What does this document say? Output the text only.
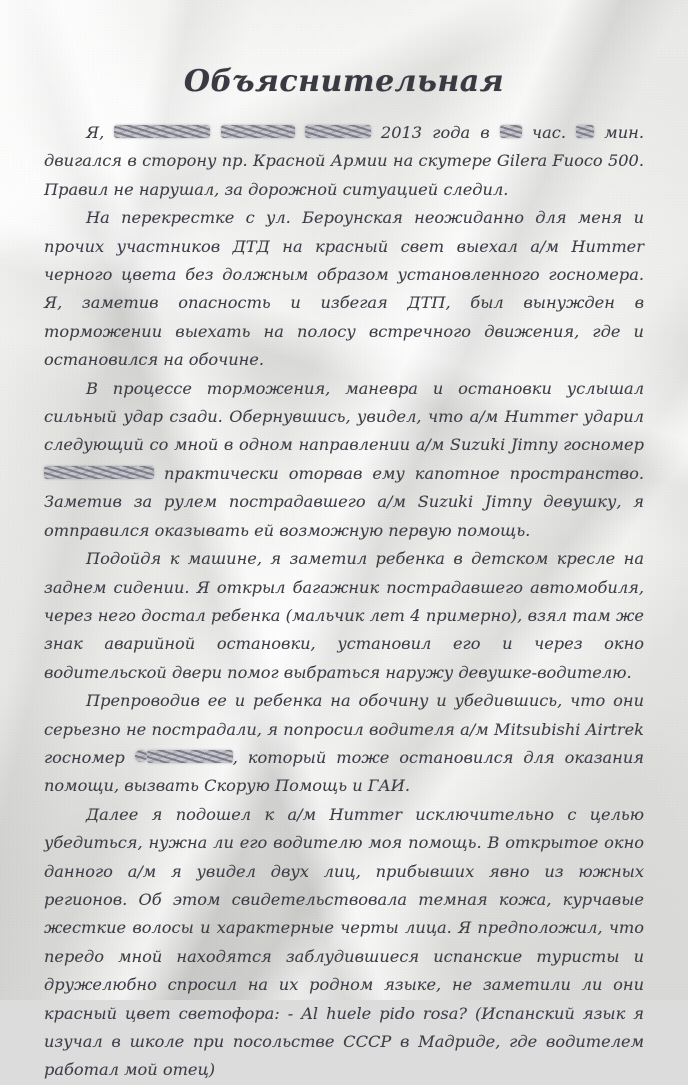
Объяснительная

Я,	2013 года в  час.  мин. двигался в сторону пр. Красной Армии на скутере Gilera Fuoco 500. Правил не нарушал, за дорожной ситуацией следил.

На перекрестке с ул. Бероунская неожиданно для меня и прочих участников ДТД на красный свет выехал а/м Hummer черного цвета без должным образом установленного госномера. Я, заметив опасность и избегая ДТП, был вынужден в торможении выехать на полосу встречного движения, где и остановился на обочине.

В процессе торможения, маневра и остановки услышал сильный удар сзади. Обернувшись, увидел, что а/м Hummer ударил следующий со мной в одном направлении а/м Suzuki Jimny госномер  практически оторвав ему капотное пространство. Заметив за рулем пострадавшего а/м Suzuki Jimny девушку, я отправился оказывать ей возможную первую помощь.

Подойдя к машине, я заметил ребенка в детском кресле на заднем сидении. Я открыл багажник пострадавшего автомобиля, через него достал ребенка (мальчик лет 4 примерно), взял там же знак аварийной остановки, установил его и через окно водительской двери помог выбраться наружу девушке-водителю.

Препроводив ее и ребенка на обочину и убедившись, что они серьезно не пострадали, я попросил водителя а/м Mitsubishi Airtrek госномер	, который тоже остановился для оказания помощи, вызвать Скорую Помощь и ГАИ.

Далее я подошел к а/м Hummer исключительно с целью убедиться, нужна ли его водителю моя помощь. В открытое окно данного а/м я увидел двух лиц, прибывших явно из южных регионов. Об этом свидетельствовала темная кожа, курчавые жесткие волосы и характерные черты лица. Я предположил, что передо мной находятся заблудившиеся испанские туристы и дружелюбно спросил на их родном языке, не заметили ли они красный цвет светофора: - Al huele pido rosa? (Испанский язык я изучал в школе при посольстве СССР в Мадриде, где водителем работал мой отец)
